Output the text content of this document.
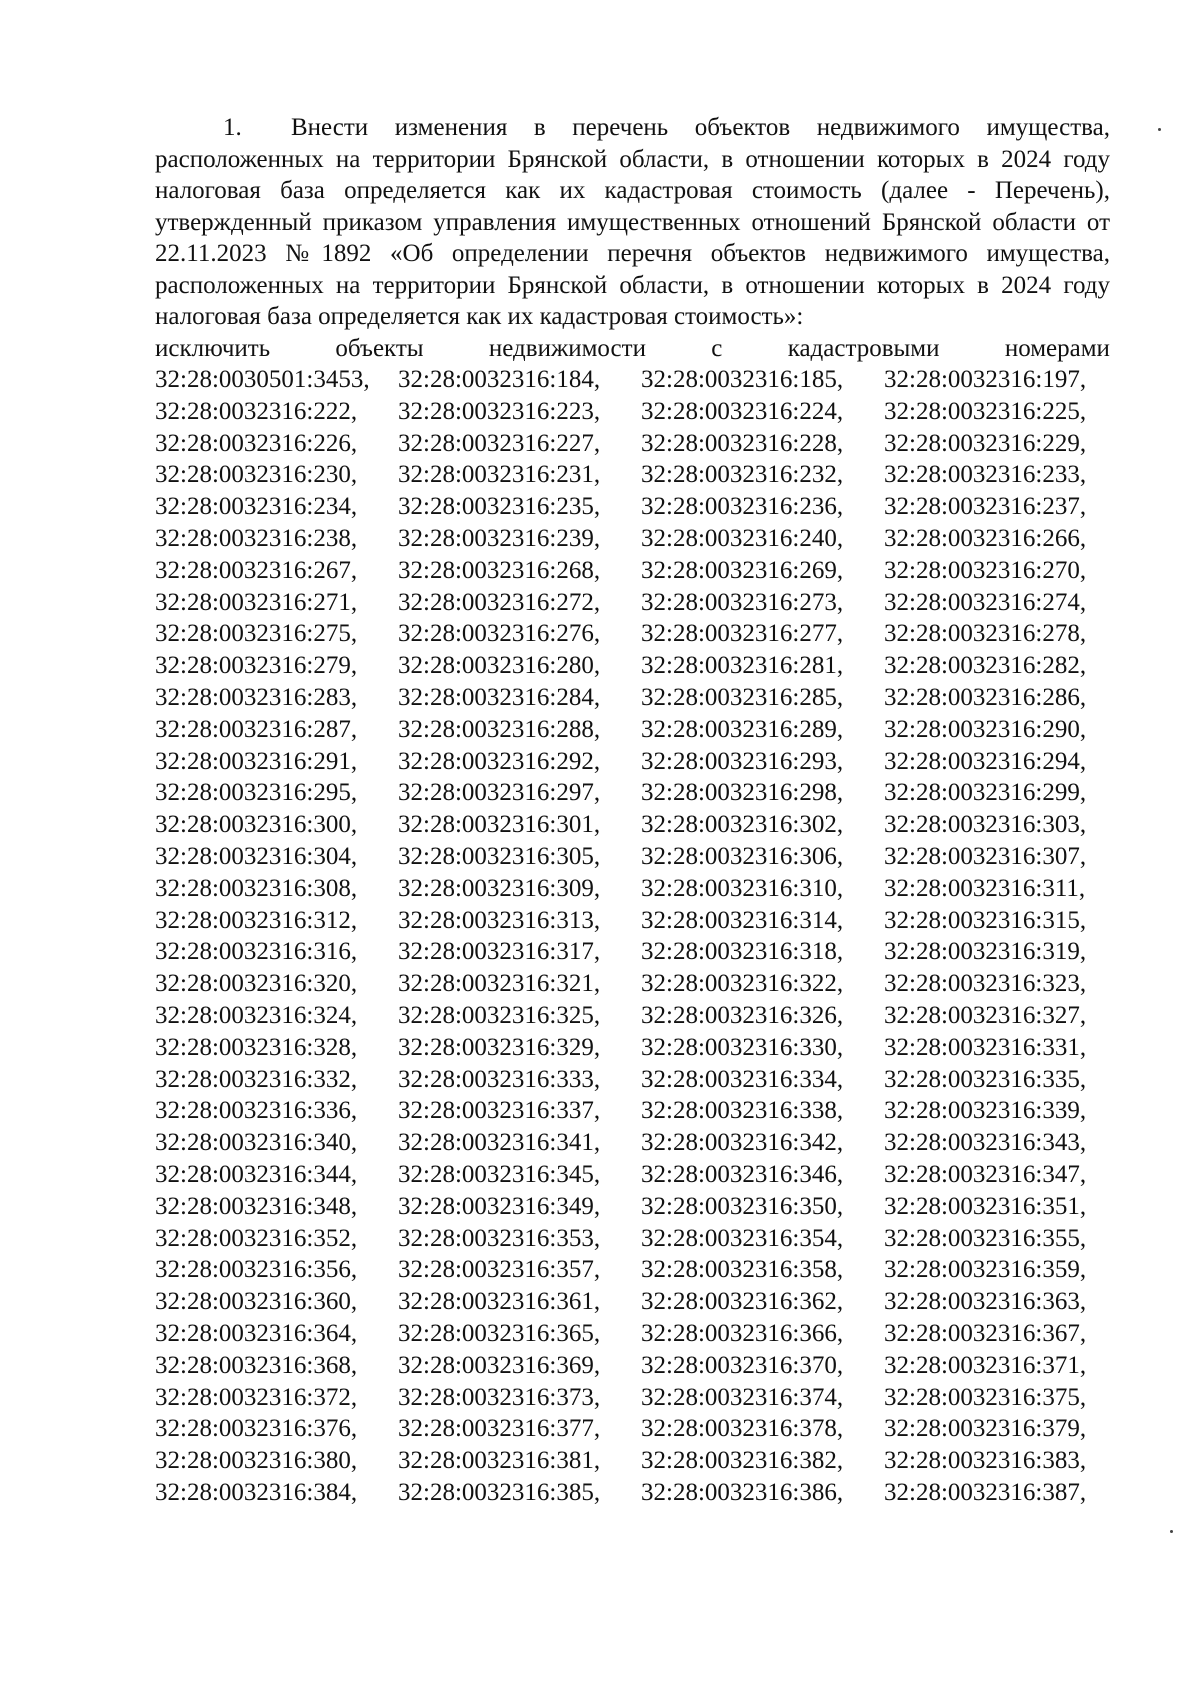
1. Внести изменения в перечень объектов недвижимого имущества, расположенных на территории Брянской области, в отношении которых в 2024 году налоговая база определяется как их кадастровая стоимость (далее - Перечень), утвержденный приказом управления имущественных отношений Брянской области от 22.11.2023 №1892 «Об определении перечня объектов недвижимого имущества, расположенных на территории Брянской области, в отношении которых в 2024 году налоговая база определяется как их кадастровая стоимость»:

исключить	объекты	недвижимости	с	кадастровыми	номерами
32:28:0030501:3453,	32:28:0032316:184,	32:28:0032316:185,	32:28:0032316:197,
32:28:0032316:222,	32:28:0032316:223,	32:28:0032316:224,	32:28:0032316:225,
32:28:0032316:226,	32:28:0032316:227,	32:28:0032316:228,	32:28:0032316:229,
32:28:0032316:230,	32:28:0032316:231,	32:28:0032316:232,	32:28:0032316:233,
32:28:0032316:234,	32:28:0032316:235,	32:28:0032316:236,	32:28:0032316:237,
32:28:0032316:238,	32:28:0032316:239,	32:28:0032316:240,	32:28:0032316:266,
32:28:0032316:267,	32:28:0032316:268,	32:28:0032316:269,	32:28:0032316:270,
32:28:0032316:271,	32:28:0032316:272,	32:28:0032316:273,	32:28:0032316:274,
32:28:0032316:275,	32:28:0032316:276,	32:28:0032316:277,	32:28:0032316:278,
32:28:0032316:279,	32:28:0032316:280,	32:28:0032316:281,	32:28:0032316:282,
32:28:0032316:283,	32:28:0032316:284,	32:28:0032316:285,	32:28:0032316:286,
32:28:0032316:287,	32:28:0032316:288,	32:28:0032316:289,	32:28:0032316:290,
32:28:0032316:291,	32:28:0032316:292,	32:28:0032316:293,	32:28:0032316:294,
32:28:0032316:295,	32:28:0032316:297,	32:28:0032316:298,	32:28:0032316:299,
32:28:0032316:300,	32:28:0032316:301,	32:28:0032316:302,	32:28:0032316:303,
32:28:0032316:304,	32:28:0032316:305,	32:28:0032316:306,	32:28:0032316:307,
32:28:0032316:308,	32:28:0032316:309,	32:28:0032316:310,	32:28:0032316:311,
32:28:0032316:312,	32:28:0032316:313,	32:28:0032316:314,	32:28:0032316:315,
32:28:0032316:316,	32:28:0032316:317,	32:28:0032316:318,	32:28:0032316:319,
32:28:0032316:320,	32:28:0032316:321,	32:28:0032316:322,	32:28:0032316:323,
32:28:0032316:324,	32:28:0032316:325,	32:28:0032316:326,	32:28:0032316:327,
32:28:0032316:328,	32:28:0032316:329,	32:28:0032316:330,	32:28:0032316:331,
32:28:0032316:332,	32:28:0032316:333,	32:28:0032316:334,	32:28:0032316:335,
32:28:0032316:336,	32:28:0032316:337,	32:28:0032316:338,	32:28:0032316:339,
32:28:0032316:340,	32:28:0032316:341,	32:28:0032316:342,	32:28:0032316:343,
32:28:0032316:344,	32:28:0032316:345,	32:28:0032316:346,	32:28:0032316:347,
32:28:0032316:348,	32:28:0032316:349,	32:28:0032316:350,	32:28:0032316:351,
32:28:0032316:352,	32:28:0032316:353,	32:28:0032316:354,	32:28:0032316:355,
32:28:0032316:356,	32:28:0032316:357,	32:28:0032316:358,	32:28:0032316:359,
32:28:0032316:360,	32:28:0032316:361,	32:28:0032316:362,	32:28:0032316:363,
32:28:0032316:364,	32:28:0032316:365,	32:28:0032316:366,	32:28:0032316:367,
32:28:0032316:368,	32:28:0032316:369,	32:28:0032316:370,	32:28:0032316:371,
32:28:0032316:372,	32:28:0032316:373,	32:28:0032316:374,	32:28:0032316:375,
32:28:0032316:376,	32:28:0032316:377,	32:28:0032316:378,	32:28:0032316:379,
32:28:0032316:380,	32:28:0032316:381,	32:28:0032316:382,	32:28:0032316:383,
32:28:0032316:384,	32:28:0032316:385,	32:28:0032316:386,	32:28:0032316:387,
